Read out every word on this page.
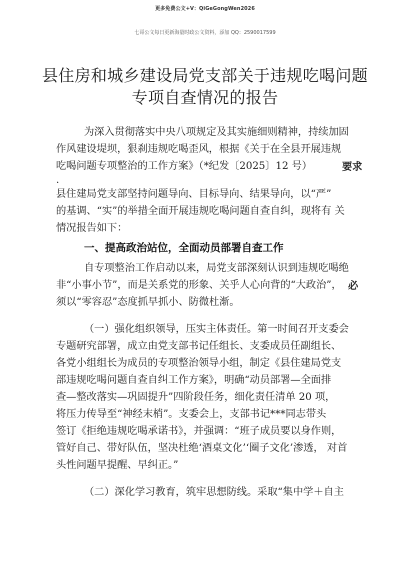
更多免费公文+V：QiGeGongWen2026
七哥公文每日更新海量时政公文资料，添加 QQ：2590017599
县住房和城乡建设局党支部关于违规吃喝问题
专项自查情况的报告
为深入贯彻落实中央八项规定及其实施细则精神，持续加固
作风建设堤坝，狠刹违规吃喝歪风，根据《关于在全县开展违规
吃喝问题专项整治的工作方案》（*纪发〔2025〕12 号）	要求
.
县住建局党支部坚持问题导向、目标导向、结果导向，以“严”
的基调、“实”的举措全面开展违规吃喝问题自查自纠，现将有 关
情况报告如下：
一、提高政治站位，全面动员部署自查工作
自专项整治工作启动以来，局党支部深刻认识到违规吃喝绝
非“小事小节”，而是关系党的形象、关乎人心向背的“大政治”， 必
须以“零容忍”态度抓早抓小、防微杜渐。
（一）强化组织领导，压实主体责任。第一时间召开支委会
专题研究部署，成立由党支部书记任组长、支委成员任副组长、
各党小组组长为成员的专项整治领导小组，制定《县住建局党支
部违规吃喝问题自查自纠工作方案》，明确“动员部署—全面排
查—整改落实—巩固提升”四阶段任务，细化责任清单 20 项，
将压力传导至“神经末梢”。支委会上，支部书记***同志带头
签订《拒绝违规吃喝承诺书》，并强调：“班子成员要以身作则，
管好自己、带好队伍，坚决杜绝‘酒桌文化’‘圈子文化’渗透， 对首
头性问题早提醒、早纠正。”
（二）深化学习教育，筑牢思想防线。采取“集中学＋自主
